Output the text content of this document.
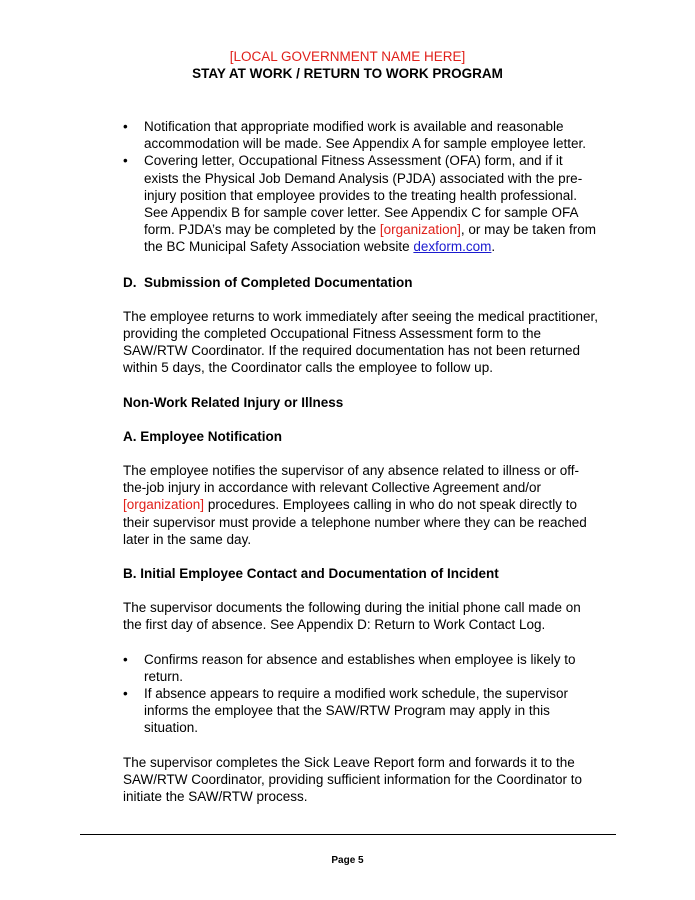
[LOCAL GOVERNMENT NAME HERE]
STAY AT WORK / RETURN TO WORK PROGRAM
•	Notification that appropriate modified work is available and reasonable accommodation will be made. See Appendix A for sample employee letter.
•	Covering letter, Occupational Fitness Assessment (OFA) form, and if it exists the Physical Job Demand Analysis (PJDA) associated with the pre-injury position that employee provides to the treating health professional. See Appendix B for sample cover letter. See Appendix C for sample OFA form. PJDA’s may be completed by the [organization], or may be taken from the BC Municipal Safety Association website dexform.com.
D. Submission of Completed Documentation

The employee returns to work immediately after seeing the medical practitioner, providing the completed Occupational Fitness Assessment form to the SAW/RTW Coordinator. If the required documentation has not been returned within 5 days, the Coordinator calls the employee to follow up.

Non-Work Related Injury or Illness
A. Employee Notification

The employee notifies the supervisor of any absence related to illness or off-the-job injury in accordance with relevant Collective Agreement and/or [organization] procedures. Employees calling in who do not speak directly to their supervisor must provide a telephone number where they can be reached later in the same day.

B. Initial Employee Contact and Documentation of Incident

The supervisor documents the following during the initial phone call made on the first day of absence. See Appendix D: Return to Work Contact Log.

•	Confirms reason for absence and establishes when employee is likely to return.
•	If absence appears to require a modified work schedule, the supervisor informs the employee that the SAW/RTW Program may apply in this situation.

The supervisor completes the Sick Leave Report form and forwards it to the SAW/RTW Coordinator, providing sufficient information for the Coordinator to initiate the SAW/RTW process.

Page 5
